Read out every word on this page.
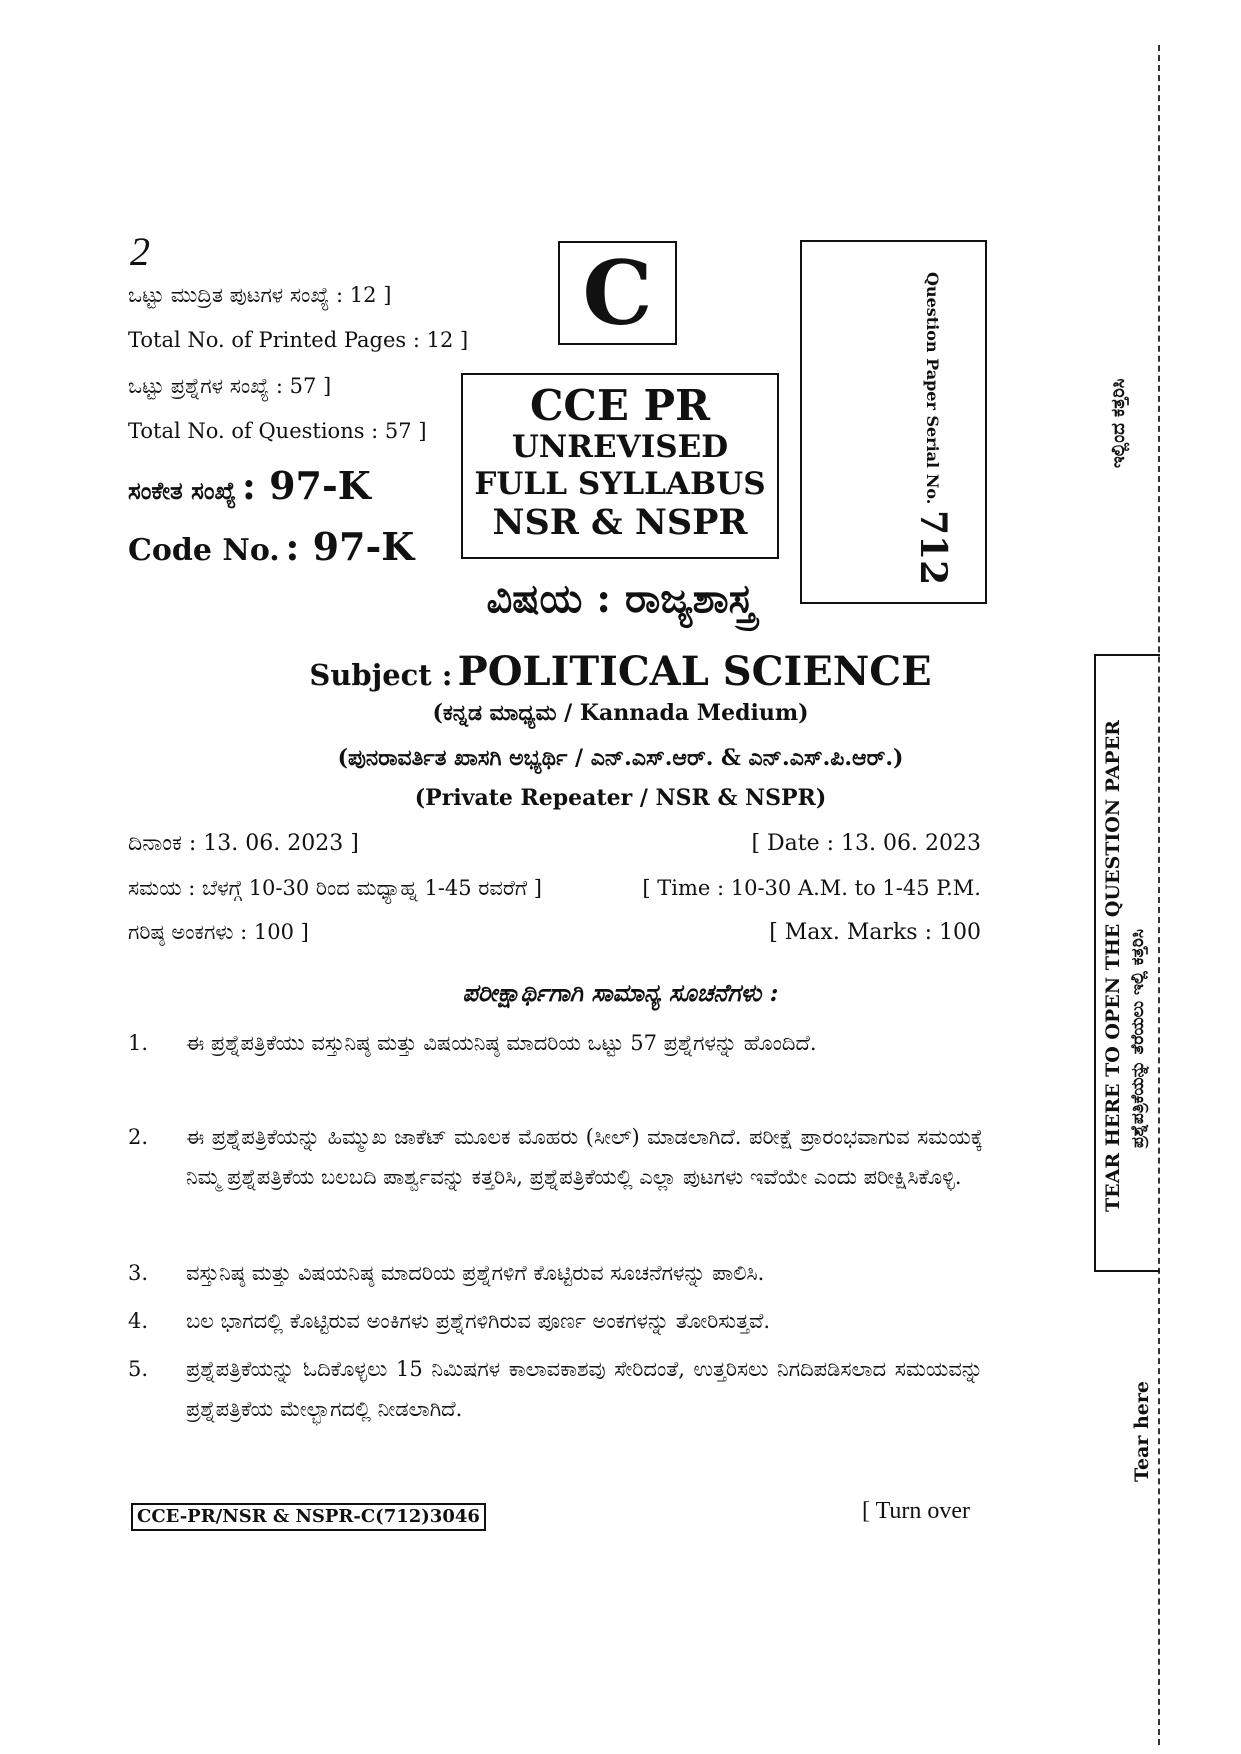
2
ಒಟ್ಟು ಮುದ್ರಿತ ಪುಟಗಳ ಸಂಖ್ಯೆ : 12 ]
Total No. of Printed Pages : 12 ]
ಒಟ್ಟು ಪ್ರಶ್ನೆಗಳ ಸಂಖ್ಯೆ : 57 ]
Total No. of Questions : 57 ]
ಸಂಕೇತ ಸಂಖ್ಯೆ : 97-K
Code No. : 97-K
C
CCE PR
UNREVISED
FULL SYLLABUS
NSR & NSPR
Question Paper Serial No.
712
ವಿಷಯ : ರಾಜ್ಯಶಾಸ್ತ್ರ
Subject : POLITICAL SCIENCE
(ಕನ್ನಡ ಮಾಧ್ಯಮ / Kannada Medium)
(ಪುನರಾವರ್ತಿತ ಖಾಸಗಿ ಅಭ್ಯರ್ಥಿ / ಎನ್.ಎಸ್.ಆರ್. & ಎನ್.ಎಸ್.ಪಿ.ಆರ್.)
(Private Repeater / NSR & NSPR)
ದಿನಾಂಕ : 13. 06. 2023 ]	[ Date : 13. 06. 2023
ಸಮಯ : ಬೆಳಗ್ಗೆ 10-30 ರಿಂದ ಮಧ್ಯಾಹ್ನ 1-45 ರವರೆಗೆ ]	[ Time : 10-30 A.M. to 1-45 P.M.
ಗರಿಷ್ಠ ಅಂಕಗಳು : 100 ]	[ Max. Marks : 100
ಪರೀಕ್ಷಾರ್ಥಿಗಾಗಿ ಸಾಮಾನ್ಯ ಸೂಚನೆಗಳು :
1.	ಈ ಪ್ರಶ್ನೆಪತ್ರಿಕೆಯು ವಸ್ತುನಿಷ್ಠ ಮತ್ತು ವಿಷಯನಿಷ್ಠ ಮಾದರಿಯ ಒಟ್ಟು 57 ಪ್ರಶ್ನೆಗಳನ್ನು ಹೊಂದಿದೆ.
2.	ಈ ಪ್ರಶ್ನೆಪತ್ರಿಕೆಯನ್ನು ಹಿಮ್ಮುಖ ಜಾಕೆಟ್ ಮೂಲಕ ಮೊಹರು (ಸೀಲ್) ಮಾಡಲಾಗಿದೆ. ಪರೀಕ್ಷೆ ಪ್ರಾರಂಭವಾಗುವ ಸಮಯಕ್ಕೆ ನಿಮ್ಮ ಪ್ರಶ್ನೆಪತ್ರಿಕೆಯ ಬಲಬದಿ ಪಾರ್ಶ್ವವನ್ನು ಕತ್ತರಿಸಿ, ಪ್ರಶ್ನೆಪತ್ರಿಕೆಯಲ್ಲಿ ಎಲ್ಲಾ ಪುಟಗಳು ಇವೆಯೇ ಎಂದು ಪರೀಕ್ಷಿಸಿಕೊಳ್ಳಿ.
3.	ವಸ್ತುನಿಷ್ಠ ಮತ್ತು ವಿಷಯನಿಷ್ಠ ಮಾದರಿಯ ಪ್ರಶ್ನೆಗಳಿಗೆ ಕೊಟ್ಟಿರುವ ಸೂಚನೆಗಳನ್ನು ಪಾಲಿಸಿ.
4.	ಬಲ ಭಾಗದಲ್ಲಿ ಕೊಟ್ಟಿರುವ ಅಂಕಿಗಳು ಪ್ರಶ್ನೆಗಳಿಗಿರುವ ಪೂರ್ಣ ಅಂಕಗಳನ್ನು ತೋರಿಸುತ್ತವೆ.
5.	ಪ್ರಶ್ನೆಪತ್ರಿಕೆಯನ್ನು ಓದಿಕೊಳ್ಳಲು 15 ನಿಮಿಷಗಳ ಕಾಲಾವಕಾಶವು ಸೇರಿದಂತೆ, ಉತ್ತರಿಸಲು ನಿಗದಿಪಡಿಸಲಾದ ಸಮಯವನ್ನು ಪ್ರಶ್ನೆಪತ್ರಿಕೆಯ ಮೇಲ್ಭಾಗದಲ್ಲಿ ನೀಡಲಾಗಿದೆ.
CCE-PR/NSR & NSPR-C(712)3046	[ Turn over
TEAR HERE TO OPEN THE QUESTION PAPER ಪ್ರಶ್ನೆಪತ್ರಿಕೆಯನ್ನು ತೆರೆಯಲು ಇಲ್ಲಿ ಕತ್ತರಿಸಿ
ಇಲ್ಲಿಂದ ಕತ್ತರಿಸಿ
Tear here
